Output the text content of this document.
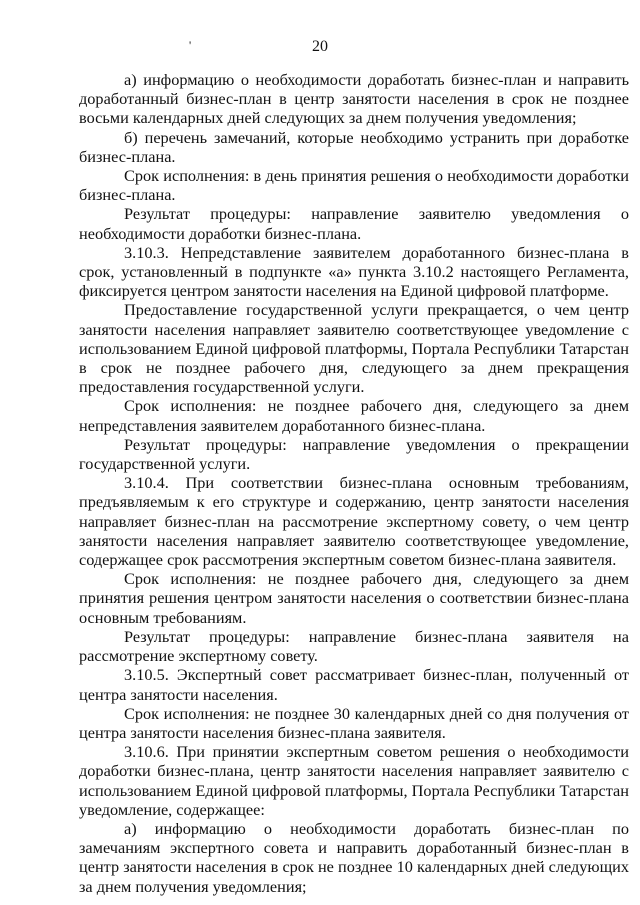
'	20

а) информацию о необходимости доработать бизнес-план и направить доработанный бизнес-план в центр занятости населения в срок не позднее восьми календарных дней следующих за днем получения уведомления;

б) перечень замечаний, которые необходимо устранить при доработке бизнес-плана.

Срок исполнения: в день принятия решения о необходимости доработки бизнес-плана.

Результат процедуры: направление заявителю уведомления о необходимости доработки бизнес-плана.

3.10.3. Непредставление заявителем доработанного бизнес-плана в срок, установленный в подпункте «а» пункта 3.10.2 настоящего Регламента, фиксируется центром занятости населения на Единой цифровой платформе.

Предоставление государственной услуги прекращается, о чем центр занятости населения направляет заявителю соответствующее уведомление с использованием Единой цифровой платформы, Портала Республики Татарстан в срок не позднее рабочего дня, следующего за днем прекращения предоставления государственной услуги.

Срок исполнения: не позднее рабочего дня, следующего за днем непредставления заявителем доработанного бизнес-плана.

Результат процедуры: направление уведомления о прекращении государственной услуги.

3.10.4. При соответствии бизнес-плана основным требованиям, предъявляемым к его структуре и содержанию, центр занятости населения направляет бизнес-план на рассмотрение экспертному совету, о чем центр занятости населения направляет заявителю соответствующее уведомление, содержащее срок рассмотрения экспертным советом бизнес-плана заявителя.

Срок исполнения: не позднее рабочего дня, следующего за днем принятия решения центром занятости населения о соответствии бизнес-плана основным требованиям.

Результат процедуры: направление бизнес-плана заявителя на рассмотрение экспертному совету.

3.10.5. Экспертный совет рассматривает бизнес-план, полученный от центра занятости населения.

Срок исполнения: не позднее 30 календарных дней со дня получения от центра занятости населения бизнес-плана заявителя.

3.10.6. При принятии экспертным советом решения о необходимости доработки бизнес-плана, центр занятости населения направляет заявителю с использованием Единой цифровой платформы, Портала Республики Татарстан уведомление, содержащее:

а) информацию о необходимости доработать бизнес-план по замечаниям экспертного совета и направить доработанный бизнес-план в центр занятости населения в срок не позднее 10 календарных дней следующих за днем получения уведомления;
